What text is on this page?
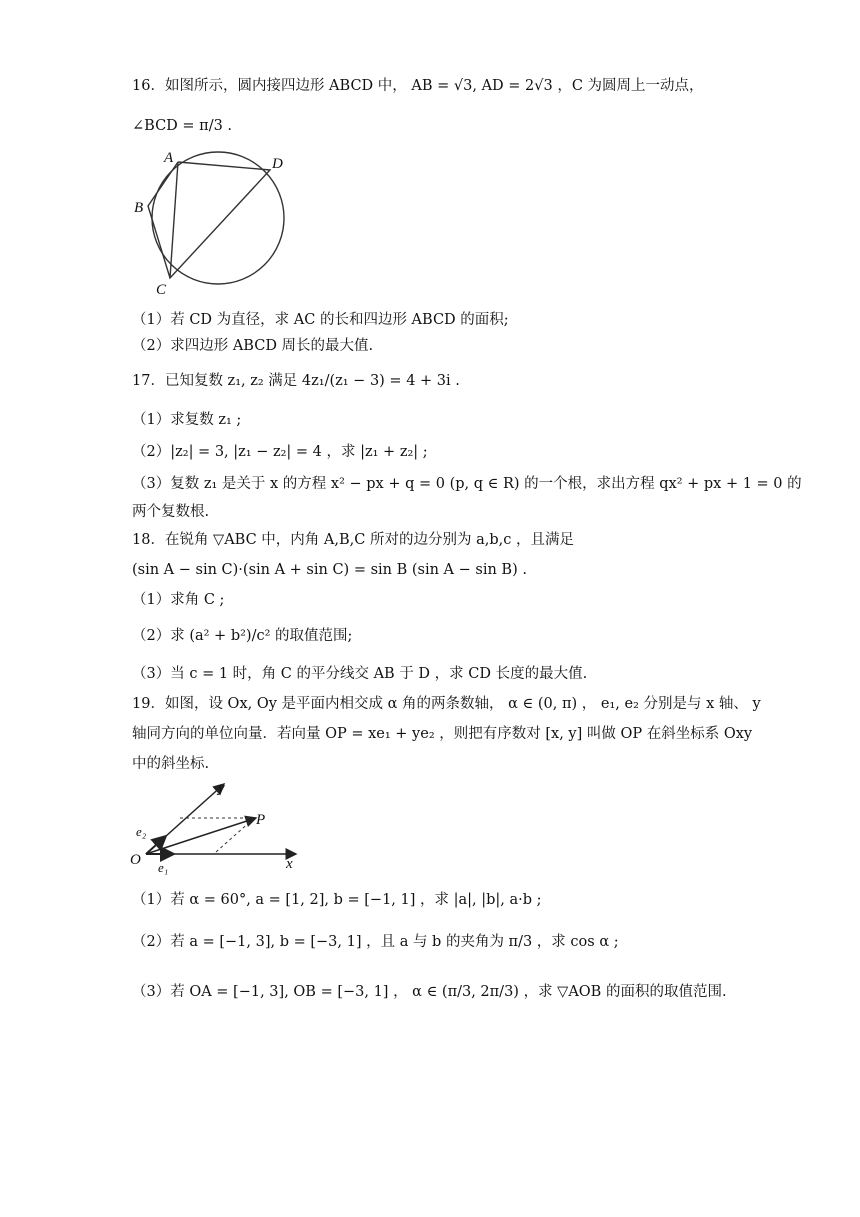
16．如图所示，圆内接四边形 ABCD 中， AB = √3, AD = 2√3 ，C 为圆周上一动点，
∠BCD = π/3 .
A	D
B
C
（1）若 CD 为直径，求 AC 的长和四边形 ABCD 的面积;
（2）求四边形 ABCD 周长的最大值.
17．已知复数 z₁, z₂ 满足 4z₁/(z₁ − 3) = 4 + 3i .
（1）求复数 z₁ ;
（2）|z₂| = 3, |z₁ − z₂| = 4 ，求 |z₁ + z₂| ;
（3）复数 z₁ 是关于 x 的方程 x² − px + q = 0 (p, q ∈ R) 的一个根，求出方程 qx² + px + 1 = 0 的
两个复数根.
18．在锐角 ▽ABC 中，内角 A,B,C 所对的边分别为 a,b,c ，且满足
(sin A − sin C)·(sin A + sin C) = sin B (sin A − sin B) .
（1）求角 C ;
（2）求 (a² + b²)/c² 的取值范围;
（3）当 c = 1 时，角 C 的平分线交 AB 于 D ，求 CD 长度的最大值.
19．如图，设 Ox, Oy 是平面内相交成 α 角的两条数轴， α ∈ (0, π) ， e₁, e₂ 分别是与 x 轴、 y
轴同方向的单位向量．若向量 OP = xe₁ + ye₂ ，则把有序数对 [x, y] 叫做 OP 在斜坐标系 Oxy
中的斜坐标.
O	x
y
P
e₁
e₂
（1）若 α = 60°, a = [1, 2], b = [−1, 1] ，求 |a|, |b|, a·b ;
（2）若 a = [−1, 3], b = [−3, 1] ，且 a 与 b 的夹角为 π/3 ，求 cos α ;
（3）若 OA = [−1, 3], OB = [−3, 1] ， α ∈ (π/3, 2π/3) ，求 ▽AOB 的面积的取值范围.
